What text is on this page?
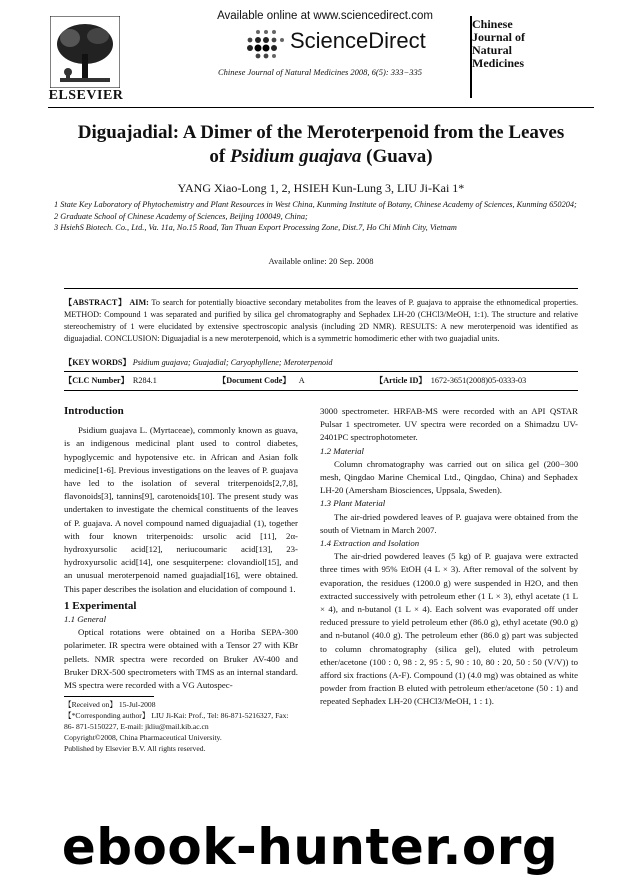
ELSEVIER
Available online at www.sciencedirect.com
ScienceDirect
Chinese Journal of Natural Medicines 2008, 6(5): 333−335
Chinese
Journal of
Natural
Medicines
Diguajadial: A Dimer of the Meroterpenoid from the Leaves
of Psidium guajava (Guava)
YANG Xiao-Long 1, 2, HSIEH Kun-Lung 3, LIU Ji-Kai 1*
1 State Key Laboratory of Phytochemistry and Plant Resources in West China, Kunming Institute of Botany, Chinese Academy of Sciences, Kunming 650204;
2 Graduate School of Chinese Academy of Sciences, Beijing 100049, China;
3 HsiehS Biotech. Co., Ltd., Va. 11a, No.15 Road, Tan Thuan Export Processing Zone, Dist.7, Ho Chi Minh City, Vietnam
Available online: 20 Sep. 2008
【ABSTRACT】 AIM: To search for potentially bioactive secondary metabolites from the leaves of P. guajava to appraise the ethnomedical properties. METHOD: Compound 1 was separated and purified by silica gel chromatography and Sephadex LH-20 (CHCl3/MeOH, 1:1). The structure and relative stereochemistry of 1 were elucidated by extensive spectroscopic analysis (including 2D NMR). RESULTS: A new meroterpenoid was identified as diguajadial. CONCLUSION: Diguajadial is a new meroterpenoid, which is a symmetric homodimeric ether with two guajadial units.
【KEY WORDS】 Psidium guajava; Guajadial; Caryophyllene; Meroterpenoid
【CLC Number】 R284.1	【Document Code】 A	【Article ID】 1672-3651(2008)05-0333-03
Introduction

Psidium guajava L. (Myrtaceae), commonly known as guava, is an indigenous medicinal plant used to control diabetes, hypoglycemic and hypotensive etc. in African and Asian folk medicine[1-6]. Previous investigations on the leaves of P. guajava have led to the isolation of several triterpenoids[2,7,8], flavonoids[3], tannins[9], carotenoids[10]. The present study was undertaken to investigate the chemical constituents of the leaves of P. guajava. A novel compound named diguajadial (1), together with four known triterpenoids: ursolic acid [11], 2α-hydroxyursolic acid[12], neriucoumaric acid[13], 23-hydroxyursolic acid[14], one sesquiterpene: clovandiol[15], and an unusual meroterpenoid named guajadial[16], were obtained. This paper describes the isolation and elucidation of compound 1.

1 Experimental
1.1 General

Optical rotations were obtained on a Horiba SEPA-300 polarimeter. IR spectra were obtained with a Tensor 27 with KBr pellets. NMR spectra were recorded on Bruker AV-400 and Bruker DRX-500 spectrometers with TMS as an internal standard. MS spectra were recorded with a VG Autospec-

【Received on】 15-Jul-2008
【*Corresponding author】 LIU Ji-Kai: Prof., Tel: 86-871-5216327, Fax: 86- 871-5150227, E-mail: jkliu@mail.kib.ac.cn
Copyright©2008, China Pharmaceutical University.
Published by Elsevier B.V. All rights reserved.

3000 spectrometer. HRFAB-MS were recorded with an API QSTAR Pulsar 1 spectrometer. UV spectra were recorded on a Shimadzu UV-2401PC spectrophotometer.

1.2 Material

Column chromatography was carried out on silica gel (200−300 mesh, Qingdao Marine Chemical Ltd., Qingdao, China) and Sephadex LH-20 (Amersham Biosciences, Uppsala, Sweden).

1.3 Plant Material

The air-dried powdered leaves of P. guajava were obtained from the south of Vietnam in March 2007.

1.4 Extraction and Isolation

The air-dried powdered leaves (5 kg) of P. guajava were extracted three times with 95% EtOH (4 L × 3). After removal of the solvent by evaporation, the residues (1200.0 g) were suspended in H2O, and then extracted successively with petroleum ether (1 L × 3), ethyl acetate (1 L × 4), and n-butanol (1 L × 4). Each solvent was evaporated off under reduced pressure to yield petroleum ether (86.0 g), ethyl acetate (90.0 g) and n-butanol (40.0 g). The petroleum ether (86.0 g) part was subjected to column chromatography (silica gel), eluted with petroleum ether/acetone (100 : 0, 98 : 2, 95 : 5, 90 : 10, 80 : 20, 50 : 50 (V/V)) to afford six fractions (A-F). Compound (1) (4.0 mg) was obtained as white powder from fraction B eluted with petroleum ether/acetone (50 : 1) and repeated Sephadex LH-20 (CHCl3/MeOH, 1 : 1).

ebook-hunter.org
